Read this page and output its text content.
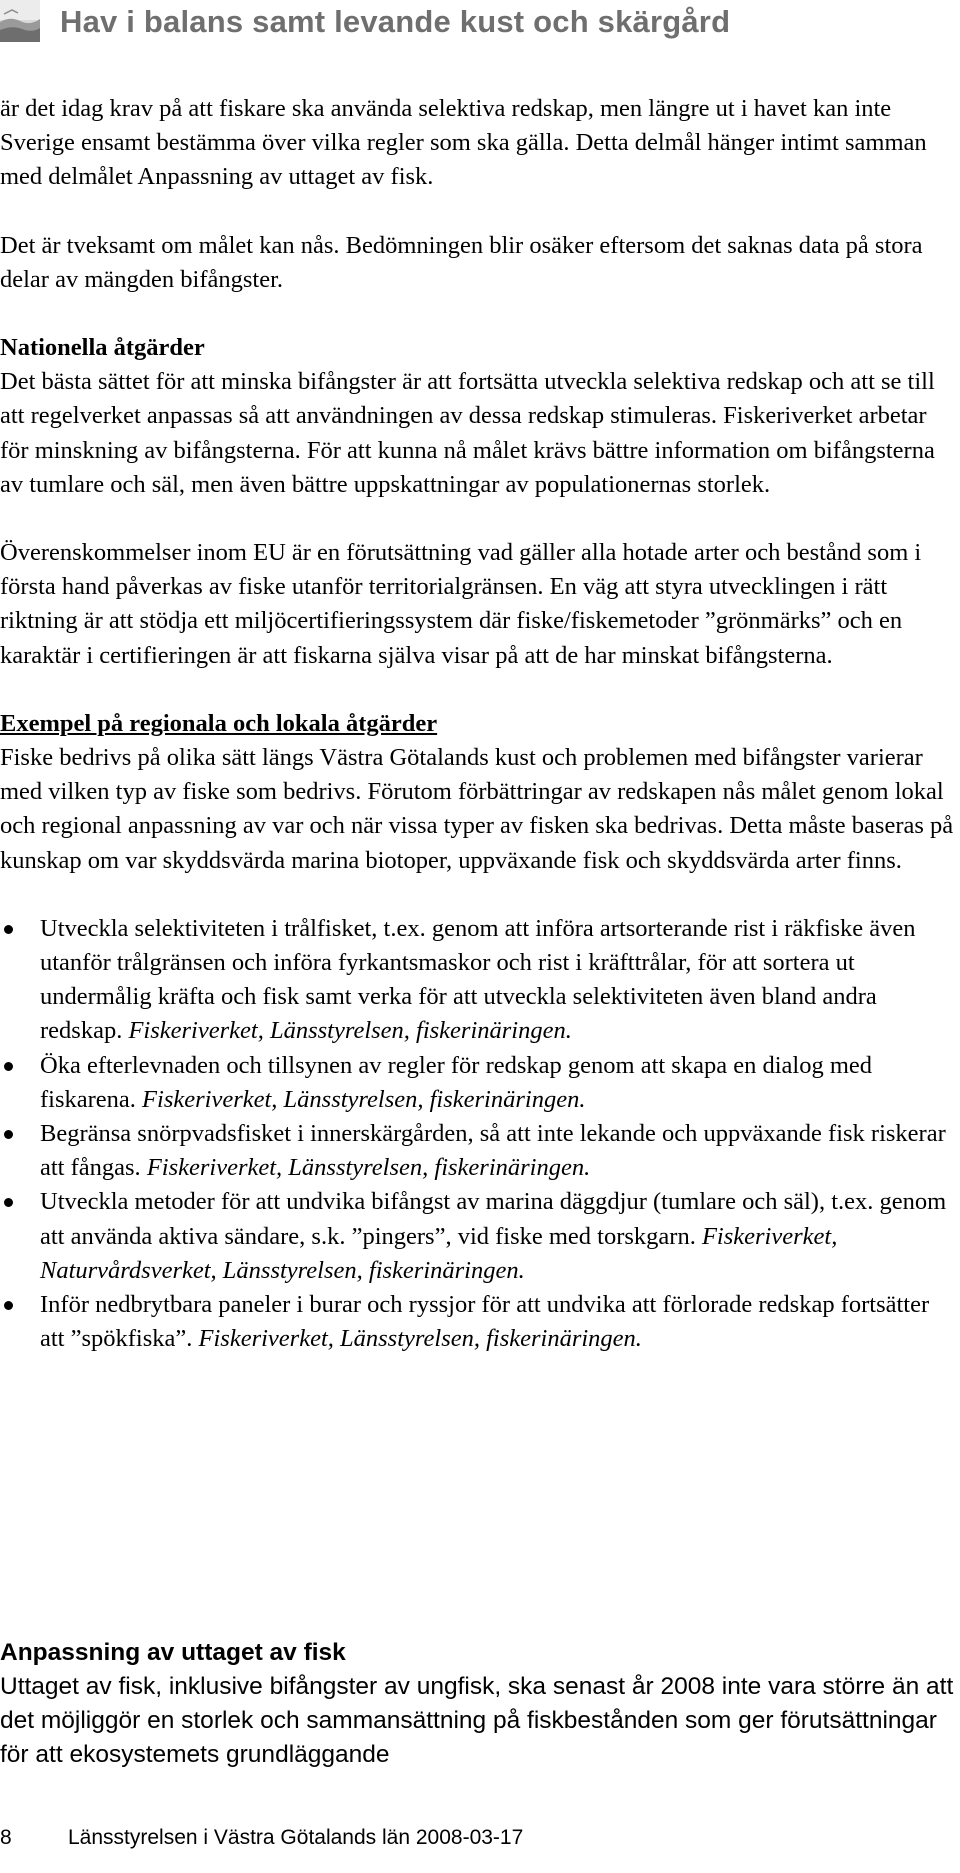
Hav i balans samt levande kust och skärgård

är det idag krav på att fiskare ska använda selektiva redskap, men längre ut i havet kan inte Sverige ensamt bestämma över vilka regler som ska gälla. Detta delmål hänger intimt samman med delmålet Anpassning av uttaget av fisk.

Det är tveksamt om målet kan nås. Bedömningen blir osäker eftersom det saknas data på stora delar av mängden bifångster.

Nationella åtgärder

Det bästa sättet för att minska bifångster är att fortsätta utveckla selektiva redskap och att se till att regelverket anpassas så att användningen av dessa redskap stimuleras. Fiskeriverket arbetar för minskning av bifångsterna. För att kunna nå målet krävs bättre information om bifångsterna av tumlare och säl, men även bättre uppskattningar av populationernas storlek.

Överenskommelser inom EU är en förutsättning vad gäller alla hotade arter och bestånd som i första hand påverkas av fiske utanför territorialgränsen. En väg att styra utvecklingen i rätt riktning är att stödja ett miljöcertifieringssystem där fiske/fiskemetoder ”grönmärks” och en karaktär i certifieringen är att fiskarna själva visar på att de har minskat bifångsterna.

Exempel på regionala och lokala åtgärder

Fiske bedrivs på olika sätt längs Västra Götalands kust och problemen med bifångster varierar med vilken typ av fiske som bedrivs. Förutom förbättringar av redskapen nås målet genom lokal och regional anpassning av var och när vissa typer av fisken ska bedrivas. Detta måste baseras på kunskap om var skyddsvärda marina biotoper, uppväxande fisk och skyddsvärda arter finns.

Utveckla selektiviteten i trålfisket, t.ex. genom att införa artsorterande rist i räkfiske även utanför trålgränsen och införa fyrkantsmaskor och rist i kräfttrålar, för att sortera ut undermålig kräfta och fisk samt verka för att utveckla selektiviteten även bland andra redskap. Fiskeriverket, Länsstyrelsen, fiskerinäringen.
Öka efterlevnaden och tillsynen av regler för redskap genom att skapa en dialog med fiskarena. Fiskeriverket, Länsstyrelsen, fiskerinäringen.
Begränsa snörpvadsfisket i innerskärgården, så att inte lekande och uppväxande fisk riskerar att fångas. Fiskeriverket, Länsstyrelsen, fiskerinäringen.
Utveckla metoder för att undvika bifångst av marina däggdjur (tumlare och säl), t.ex. genom att använda aktiva sändare, s.k. ”pingers”, vid fiske med torskgarn. Fiskeriverket, Naturvårdsverket, Länsstyrelsen, fiskerinäringen.
Inför nedbrytbara paneler i burar och ryssjor för att undvika att förlorade redskap fortsätter att ”spökfiska”. Fiskeriverket, Länsstyrelsen, fiskerinäringen.
Anpassning av uttaget av fisk

Uttaget av fisk, inklusive bifångster av ungfisk, ska senast år 2008 inte vara större än att det möjliggör en storlek och sammansättning på fiskbestånden som ger förutsättningar för att ekosystemets grundläggande

8	Länsstyrelsen i Västra Götalands län 2008-03-17
